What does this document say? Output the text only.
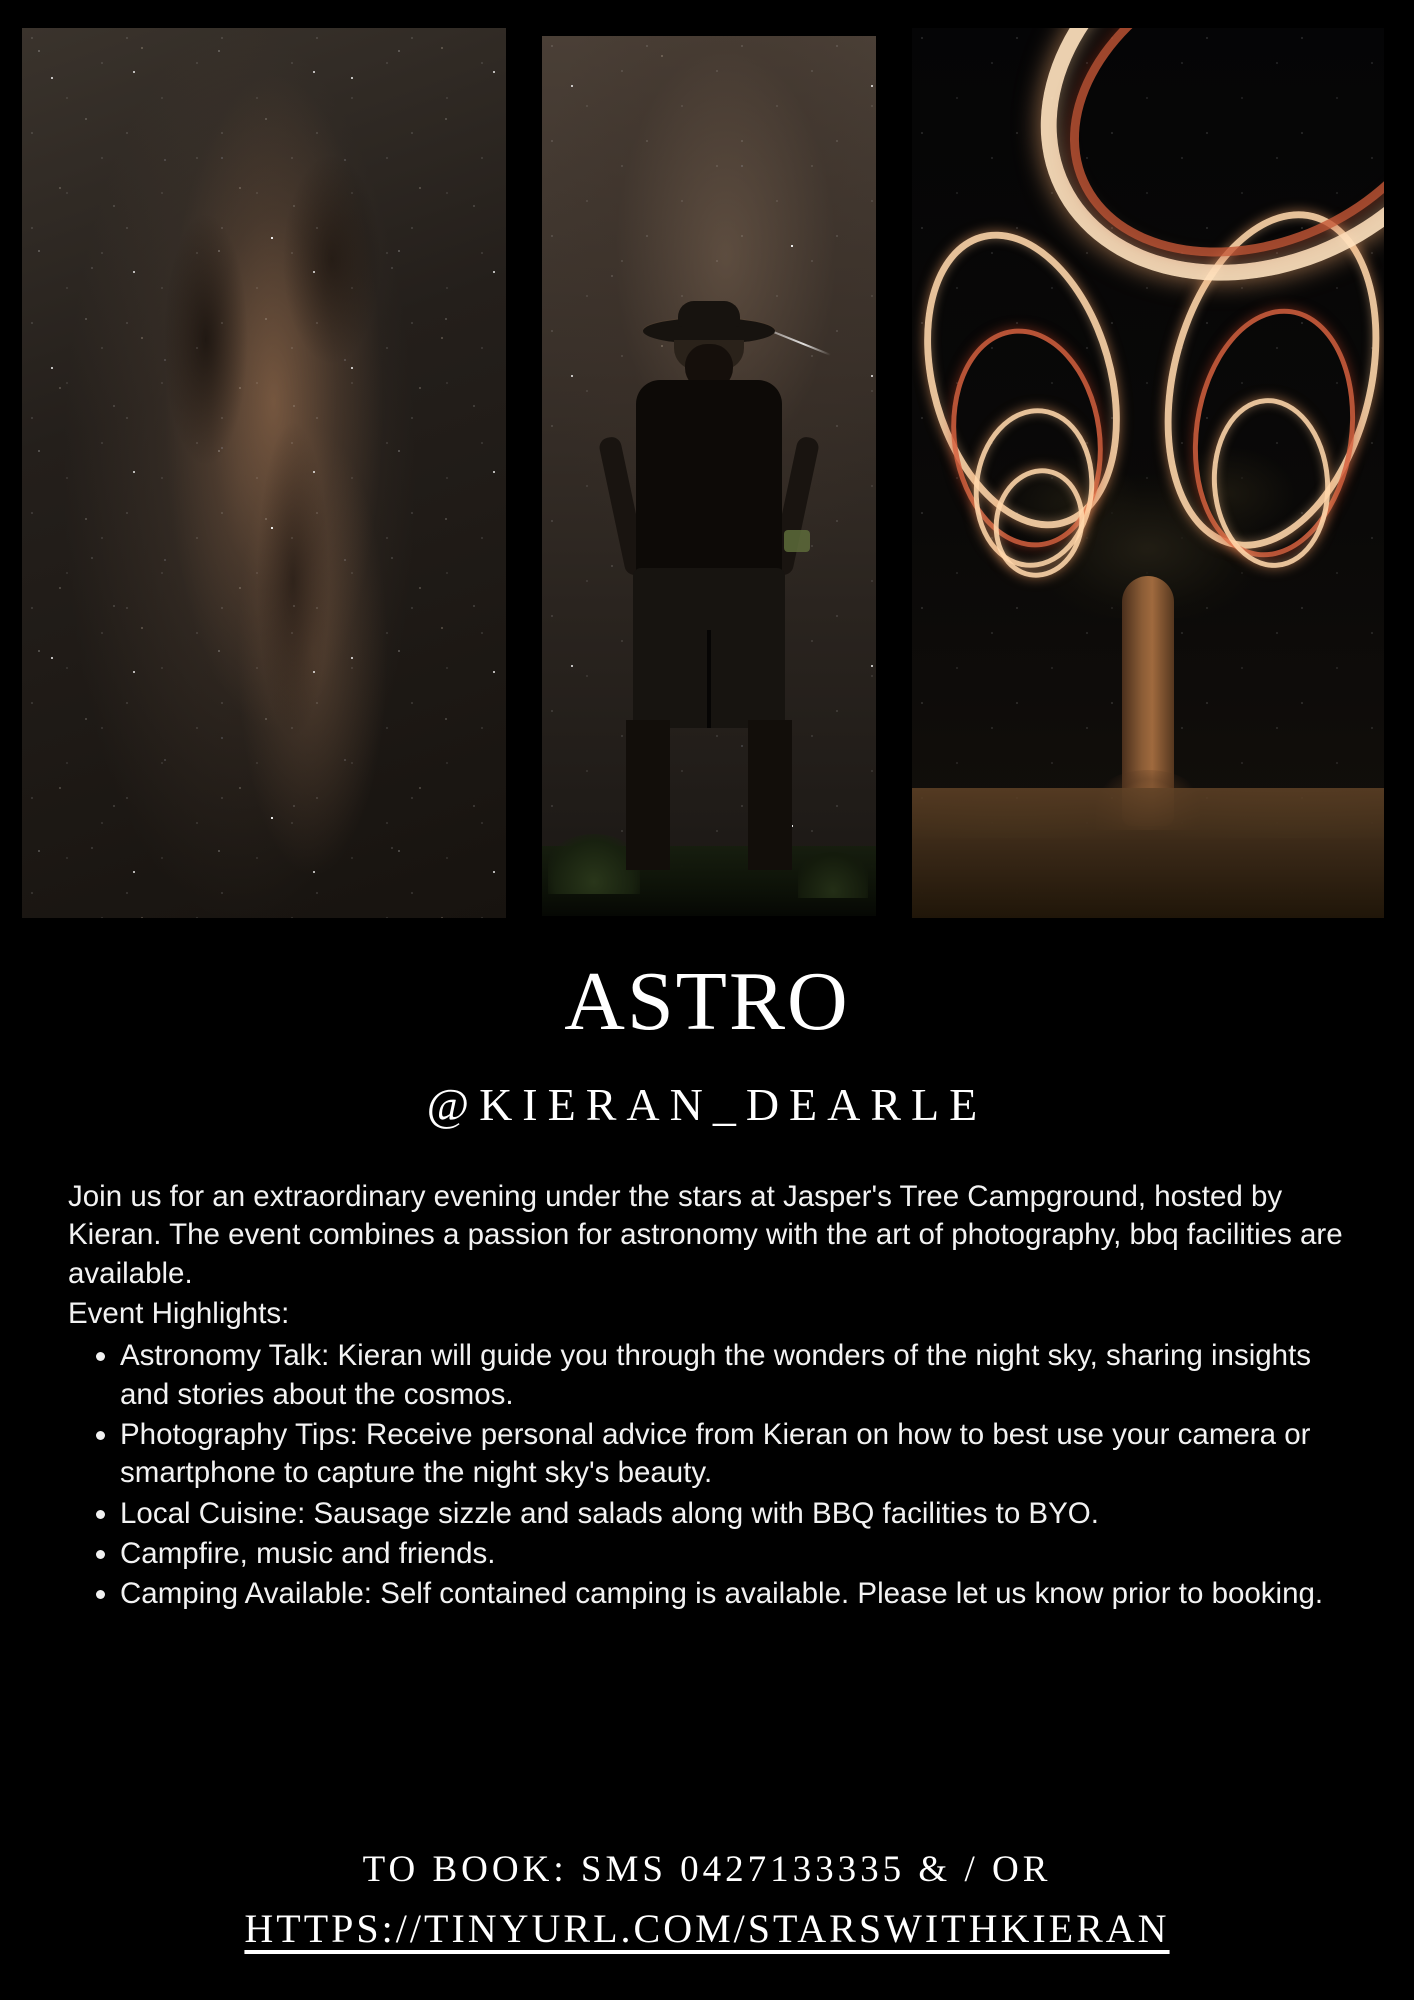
ASTRO
@KIERAN_DEARLE

Join us for an extraordinary evening under the stars at Jasper's Tree Campground, hosted by Kieran. The event combines a passion for astronomy with the art of photography, bbq facilities are available.

Event Highlights:

• Astronomy Talk: Kieran will guide you through the wonders of the night sky, sharing insights and stories about the cosmos.
• Photography Tips: Receive personal advice from Kieran on how to best use your camera or smartphone to capture the night sky's beauty.
• Local Cuisine: Sausage sizzle and salads along with BBQ facilities to BYO.
• Campfire, music and friends.
• Camping Available: Self contained camping is available. Please let us know prior to booking.
TO BOOK: SMS 0427133335 & / OR
HTTPS://TINYURL.COM/STARSWITHKIERAN
